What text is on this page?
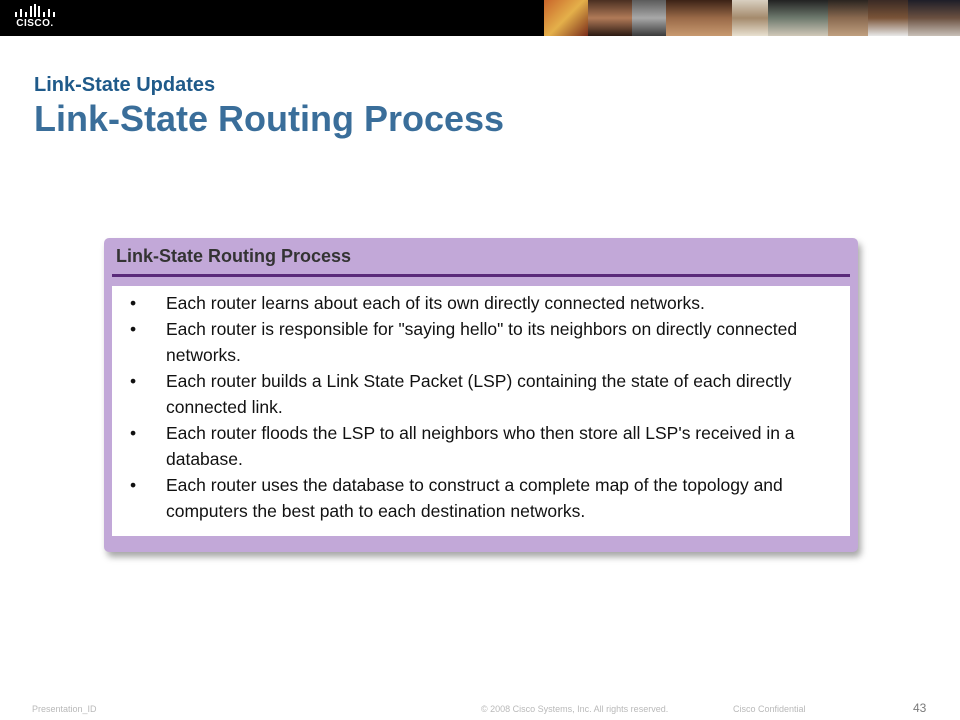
CISCO.
Link-State Updates
Link-State Routing Process
Link-State Routing Process
•	Each router learns about each of its own directly connected networks.
•	Each router is responsible for "saying hello" to its neighbors on directly connected networks.
•	Each router builds a Link State Packet (LSP) containing the state of each directly connected link.
•	Each router floods the LSP to all neighbors who then store all LSP's received in a database.
•	Each router uses the database to construct a complete map of the topology and computers the best path to each destination networks.
Presentation_ID	© 2008 Cisco Systems, Inc. All rights reserved.	Cisco Confidential	43
